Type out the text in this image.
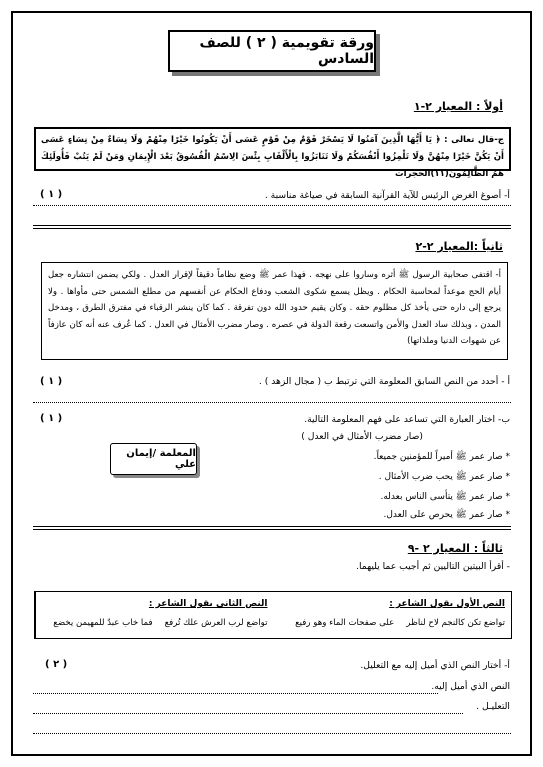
ورقة تقويمية ( ٢ ) للصف السادس
أولاً : المعيار ٢-١
ج-قال تعالى : ﴿ يَا أَيُّهَا الَّذِينَ آمَنُوا لَا يَسْخَرْ قَوْمٌ مِنْ قَوْمٍ عَسَى أَنْ يَكُونُوا خَيْرًا مِنْهُمْ وَلَا نِسَاءٌ مِنْ نِسَاءٍ عَسَى أَنْ يَكُنَّ خَيْرًا مِنْهُنَّ وَلَا تَلْمِزُوا أَنْفُسَكُمْ وَلَا تَنَابَزُوا بِالْأَلْقَابِ بِئْسَ الِاسْمُ الْفُسُوقُ بَعْدَ الْإِيمَانِ وَمَنْ لَمْ يَتُبْ فَأُولَئِكَ هُمُ الظَّالِمُونَ(١١)الحجرات
أ- أصوغ الغرض الرئيس للآية القرآنية السابقة في صياغة مناسبة .
( ١ )
ثانياً :المعيار ٢-٢
أ- اقتفى صحابية الرسول ﷺ أثره وساروا على نهجه . فهذا عمر ﷺ وضع نظاماً دقيقاً لإقرار العدل . ولكي يضمن انتشاره جعل أيام الحج موعداً لمحاسبة الحكام . ويظل يسمع شكوى الشعب ودفاع الحكام عن أنفسهم من مطلع الشمس حتى مأواها . ولا يرجع إلى داره حتى يأخذ كل مظلوم حقه . وكان يقيم حدود الله دون تفرقة . كما كان ينشر الرقباء في مفترق الطرق ، ومدخل المدن ، وبذلك ساد العدل والأمن واتسعت رقعة الدولة في عصره . وصار مضرب الأمثال في العدل . كما عُرف عنه أنه كان عازفاً عن شهوات الدنيا وملذاتها)
أ - أحدد من النص السابق المعلومة التي ترتبط ب ( مجال الزهد ) .
( ١ )
ب- اختار العبارة التي تساعد على فهم المعلومة التالية.
( ١ )
(صار مضرب الأمثال في العدل )
* صار عمر ﷺ أميراً للمؤمنين جميعاً.
* صار عمر ﷺ يحب ضرب الأمثال .
* صار عمر ﷺ يتأسى الناس بعدله.
* صار عمر ﷺ يحرص على العدل.
المعلمة /إيمان علي
ثالثاً : المعيار ٢ -٩
- أقرأ البيتين التاليين ثم أجيب عما يليهما.
النص الثاني يقول الشاعر :
تواضع لرب العرش علك تُرفع
فما خاب عبدٌ للمهيمن يخضع
النص الأول يقول الشاعر :
تواضع تكن كالنجم لاح لناظر
على صفحات الماء وهو رفيع
أ- أختار النص الذي أميل إليه مع التعليل.
( ٢ )
النص الذي أميل إليه.
التعليـل .
